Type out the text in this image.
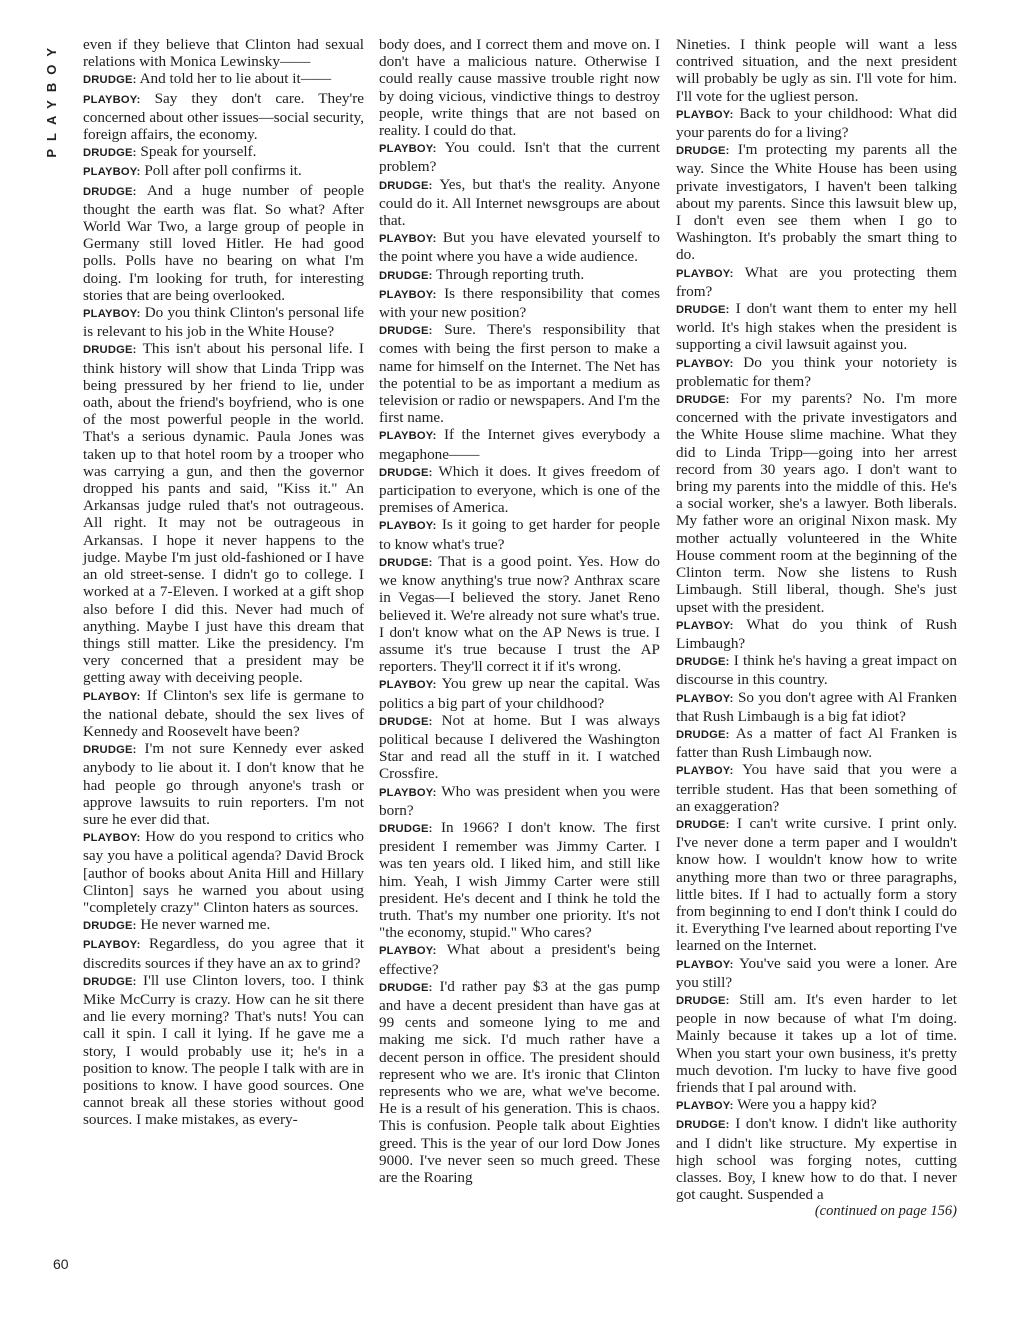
PLAYBOY	even if they believe that Clinton had sexual relations with Monica Lewinsky——

DRUDGE: And told her to lie about it——

PLAYBOY: Say they don't care. They're concerned about other issues—social security, foreign affairs, the economy.

DRUDGE: Speak for yourself.

PLAYBOY: Poll after poll confirms it.

DRUDGE: And a huge number of people thought the earth was flat. So what? After World War Two, a large group of people in Germany still loved Hitler. He had good polls. Polls have no bearing on what I'm doing. I'm looking for truth, for interesting stories that are being overlooked.

PLAYBOY: Do you think Clinton's personal life is relevant to his job in the White House?

DRUDGE: This isn't about his personal life. I think history will show that Linda Tripp was being pressured by her friend to lie, under oath, about the friend's boyfriend, who is one of the most powerful people in the world. That's a serious dynamic. Paula Jones was taken up to that hotel room by a trooper who was carrying a gun, and then the governor dropped his pants and said, "Kiss it." An Arkansas judge ruled that's not outrageous. All right. It may not be outrageous in Arkansas. I hope it never happens to the judge. Maybe I'm just old-fashioned or I have an old street-sense. I didn't go to college. I worked at a 7-Eleven. I worked at a gift shop also before I did this. Never had much of anything. Maybe I just have this dream that things still matter. Like the presidency. I'm very concerned that a president may be getting away with deceiving people.

PLAYBOY: If Clinton's sex life is germane to the national debate, should the sex lives of Kennedy and Roosevelt have been?

DRUDGE: I'm not sure Kennedy ever asked anybody to lie about it. I don't know that he had people go through anyone's trash or approve lawsuits to ruin reporters. I'm not sure he ever did that.

PLAYBOY: How do you respond to critics who say you have a political agenda? David Brock [author of books about Anita Hill and Hillary Clinton] says he warned you about using "completely crazy" Clinton haters as sources.

DRUDGE: He never warned me.

PLAYBOY: Regardless, do you agree that it discredits sources if they have an ax to grind?

DRUDGE: I'll use Clinton lovers, too. I think Mike McCurry is crazy. How can he sit there and lie every morning? That's nuts! You can call it spin. I call it lying. If he gave me a story, I would probably use it; he's in a position to know. The people I talk with are in positions to know. I have good sources. One cannot break all these stories without good sources. I make mistakes, as every-

body does, and I correct them and move on. I don't have a malicious nature. Otherwise I could really cause massive trouble right now by doing vicious, vindictive things to destroy people, write things that are not based on reality. I could do that.

PLAYBOY: You could. Isn't that the current problem?

DRUDGE: Yes, but that's the reality. Anyone could do it. All Internet newsgroups are about that.

PLAYBOY: But you have elevated yourself to the point where you have a wide audience.

DRUDGE: Through reporting truth.

PLAYBOY: Is there responsibility that comes with your new position?

DRUDGE: Sure. There's responsibility that comes with being the first person to make a name for himself on the Internet. The Net has the potential to be as important a medium as television or radio or newspapers. And I'm the first name.

PLAYBOY: If the Internet gives everybody a megaphone——

DRUDGE: Which it does. It gives freedom of participation to everyone, which is one of the premises of America.

PLAYBOY: Is it going to get harder for people to know what's true?

DRUDGE: That is a good point. Yes. How do we know anything's true now? Anthrax scare in Vegas—I believed the story. Janet Reno believed it. We're already not sure what's true. I don't know what on the AP News is true. I assume it's true because I trust the AP reporters. They'll correct it if it's wrong.

PLAYBOY: You grew up near the capital. Was politics a big part of your childhood?

DRUDGE: Not at home. But I was always political because I delivered the Washington Star and read all the stuff in it. I watched Crossfire.

PLAYBOY: Who was president when you were born?

DRUDGE: In 1966? I don't know. The first president I remember was Jimmy Carter. I was ten years old. I liked him, and still like him. Yeah, I wish Jimmy Carter were still president. He's decent and I think he told the truth. That's my number one priority. It's not "the economy, stupid." Who cares?

PLAYBOY: What about a president's being effective?

DRUDGE: I'd rather pay $3 at the gas pump and have a decent president than have gas at 99 cents and someone lying to me and making me sick. I'd much rather have a decent person in office. The president should represent who we are. It's ironic that Clinton represents who we are, what we've become. He is a result of his generation. This is chaos. This is confusion. People talk about Eighties greed. This is the year of our lord Dow Jones 9000. I've never seen so much greed. These are the Roaring

Nineties. I think people will want a less contrived situation, and the next president will probably be ugly as sin. I'll vote for him. I'll vote for the ugliest person.

PLAYBOY: Back to your childhood: What did your parents do for a living?

DRUDGE: I'm protecting my parents all the way. Since the White House has been using private investigators, I haven't been talking about my parents. Since this lawsuit blew up, I don't even see them when I go to Washington. It's probably the smart thing to do.

PLAYBOY: What are you protecting them from?

DRUDGE: I don't want them to enter my hell world. It's high stakes when the president is supporting a civil lawsuit against you.

PLAYBOY: Do you think your notoriety is problematic for them?

DRUDGE: For my parents? No. I'm more concerned with the private investigators and the White House slime machine. What they did to Linda Tripp—going into her arrest record from 30 years ago. I don't want to bring my parents into the middle of this. He's a social worker, she's a lawyer. Both liberals. My father wore an original Nixon mask. My mother actually volunteered in the White House comment room at the beginning of the Clinton term. Now she listens to Rush Limbaugh. Still liberal, though. She's just upset with the president.

PLAYBOY: What do you think of Rush Limbaugh?

DRUDGE: I think he's having a great impact on discourse in this country.

PLAYBOY: So you don't agree with Al Franken that Rush Limbaugh is a big fat idiot?

DRUDGE: As a matter of fact Al Franken is fatter than Rush Limbaugh now.

PLAYBOY: You have said that you were a terrible student. Has that been something of an exaggeration?

DRUDGE: I can't write cursive. I print only. I've never done a term paper and I wouldn't know how. I wouldn't know how to write anything more than two or three paragraphs, little bites. If I had to actually form a story from beginning to end I don't think I could do it. Everything I've learned about reporting I've learned on the Internet.

PLAYBOY: You've said you were a loner. Are you still?

DRUDGE: Still am. It's even harder to let people in now because of what I'm doing. Mainly because it takes up a lot of time. When you start your own business, it's pretty much devotion. I'm lucky to have five good friends that I pal around with.

PLAYBOY: Were you a happy kid?

DRUDGE: I don't know. I didn't like authority and I didn't like structure. My expertise in high school was forging notes, cutting classes. Boy, I knew how to do that. I never got caught. Suspended a

(continued on page 156)

60
